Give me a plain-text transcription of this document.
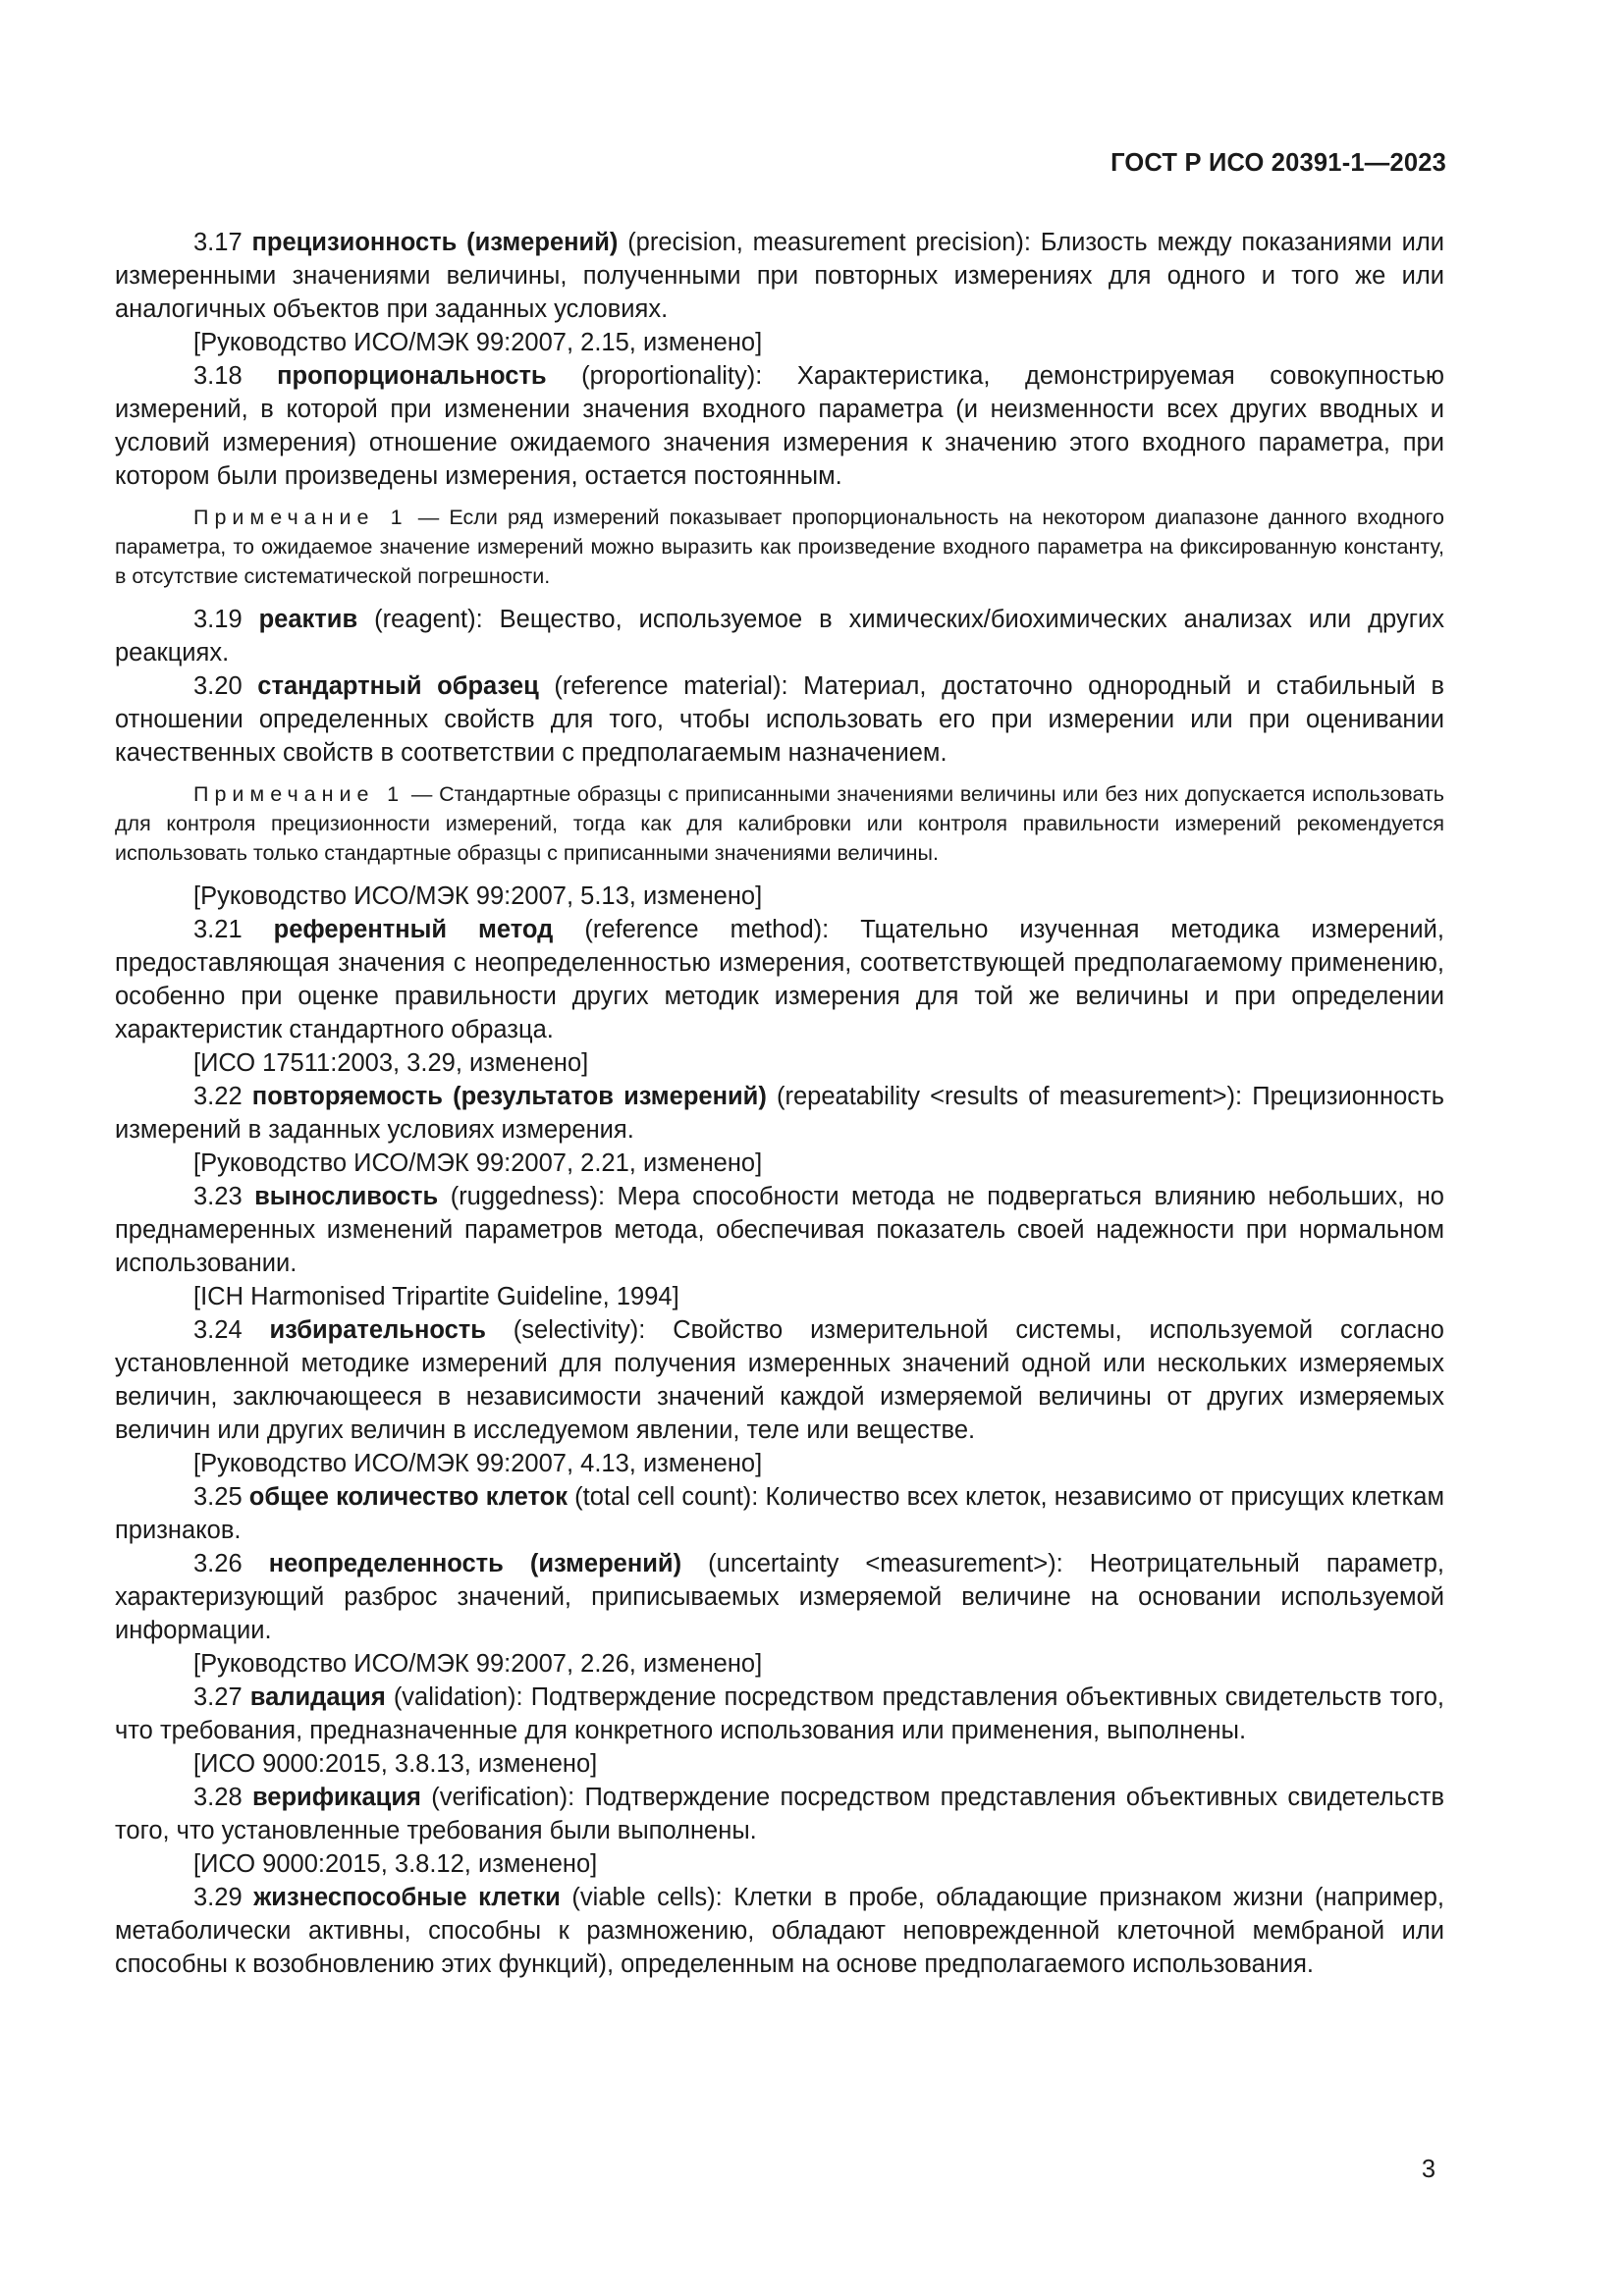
ГОСТ Р ИСО 20391-1—2023

3.17 прецизионность (измерений) (precision, measurement precision): Близость между показаниями или измеренными значениями величины, полученными при повторных измерениях для одного и того же или аналогичных объектов при заданных условиях.

[Руководство ИСО/МЭК 99:2007, 2.15, изменено]

3.18 пропорциональность (proportionality): Характеристика, демонстрируемая совокупностью измерений, в которой при изменении значения входного параметра (и неизменности всех других вводных и условий измерения) отношение ожидаемого значения измерения к значению этого входного параметра, при котором были произведены измерения, остается постоянным.

Примечание 1 — Если ряд измерений показывает пропорциональность на некотором диапазоне данного входного параметра, то ожидаемое значение измерений можно выразить как произведение входного параметра на фиксированную константу, в отсутствие систематической погрешности.

3.19 реактив (reagent): Вещество, используемое в химических/биохимических анализах или других реакциях.

3.20 стандартный образец (reference material): Материал, достаточно однородный и стабильный в отношении определенных свойств для того, чтобы использовать его при измерении или при оценивании качественных свойств в соответствии с предполагаемым назначением.

Примечание 1 — Стандартные образцы с приписанными значениями величины или без них допускается использовать для контроля прецизионности измерений, тогда как для калибровки или контроля правильности измерений рекомендуется использовать только стандартные образцы с приписанными значениями величины.

[Руководство ИСО/МЭК 99:2007, 5.13, изменено]

3.21 референтный метод (reference method): Тщательно изученная методика измерений, предоставляющая значения с неопределенностью измерения, соответствующей предполагаемому применению, особенно при оценке правильности других методик измерения для той же величины и при определении характеристик стандартного образца.

[ИСО 17511:2003, 3.29, изменено]

3.22 повторяемость (результатов измерений) (repeatability <results of measurement>): Прецизионность измерений в заданных условиях измерения.

[Руководство ИСО/МЭК 99:2007, 2.21, изменено]

3.23 выносливость (ruggedness): Мера способности метода не подвергаться влиянию небольших, но преднамеренных изменений параметров метода, обеспечивая показатель своей надежности при нормальном использовании.

[ICH Harmonised Tripartite Guideline, 1994]

3.24 избирательность (selectivity): Свойство измерительной системы, используемой согласно установленной методике измерений для получения измеренных значений одной или нескольких измеряемых величин, заключающееся в независимости значений каждой измеряемой величины от других измеряемых величин или других величин в исследуемом явлении, теле или веществе.

[Руководство ИСО/МЭК 99:2007, 4.13, изменено]

3.25 общее количество клеток (total cell count): Количество всех клеток, независимо от присущих клеткам признаков.

3.26 неопределенность (измерений) (uncertainty <measurement>): Неотрицательный параметр, характеризующий разброс значений, приписываемых измеряемой величине на основании используемой информации.

[Руководство ИСО/МЭК 99:2007, 2.26, изменено]

3.27 валидация (validation): Подтверждение посредством представления объективных свидетельств того, что требования, предназначенные для конкретного использования или применения, выполнены.

[ИСО 9000:2015, 3.8.13, изменено]

3.28 верификация (verification): Подтверждение посредством представления объективных свидетельств того, что установленные требования были выполнены.

[ИСО 9000:2015, 3.8.12, изменено]

3.29 жизнеспособные клетки (viable cells): Клетки в пробе, обладающие признаком жизни (например, метаболически активны, способны к размножению, обладают неповрежденной клеточной мембраной или способны к возобновлению этих функций), определенным на основе предполагаемого использования.

3
